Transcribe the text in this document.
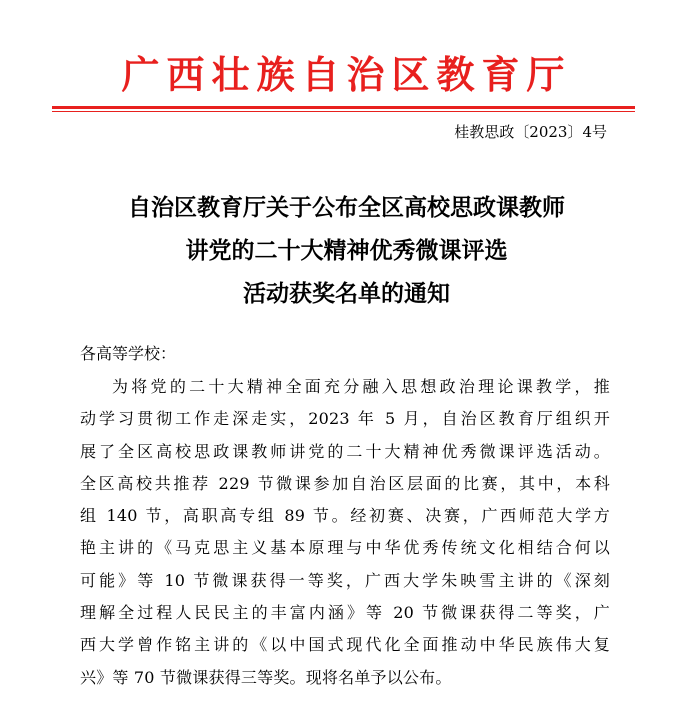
广西壮族自治区教育厅
桂教思政〔2023〕4号
自治区教育厅关于公布全区高校思政课教师
讲党的二十大精神优秀微课评选
活动获奖名单的通知
各高等学校：
为将党的二十大精神全面充分融入思想政治理论课教学，推
动学习贯彻工作走深走实，2023 年 5 月，自治区教育厅组织开
展了全区高校思政课教师讲党的二十大精神优秀微课评选活动。
全区高校共推荐 229 节微课参加自治区层面的比赛，其中，本科
组 140 节，高职高专组 89 节。经初赛、决赛，广西师范大学方
艳主讲的《马克思主义基本原理与中华优秀传统文化相结合何以
可能》等 10 节微课获得一等奖，广西大学朱映雪主讲的《深刻
理解全过程人民民主的丰富内涵》等 20 节微课获得二等奖，广
西大学曾作铭主讲的《以中国式现代化全面推动中华民族伟大复
兴》等 70 节微课获得三等奖。现将名单予以公布。
